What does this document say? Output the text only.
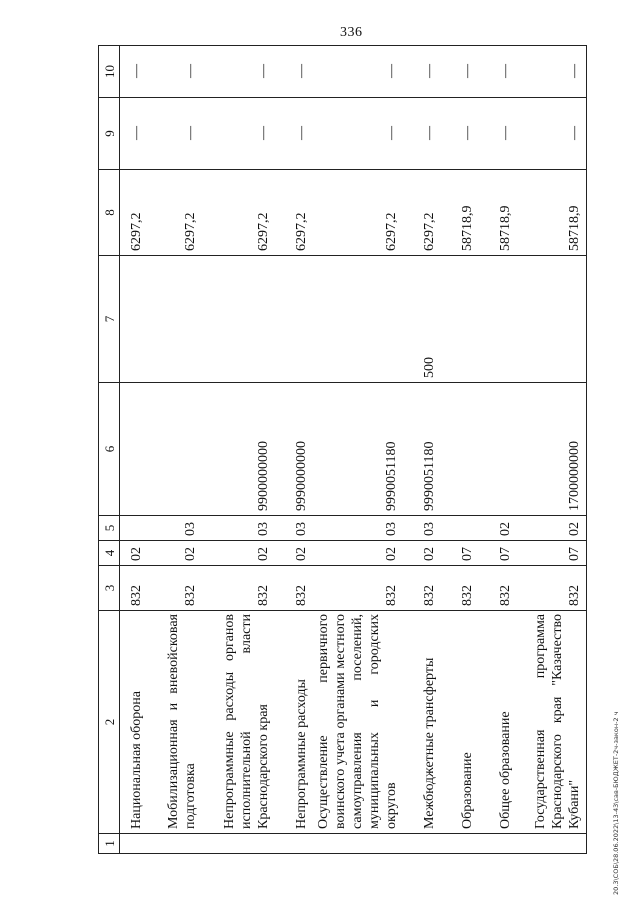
336
20.3\СОБ\28.06.2022\13-43\сав-БЮДЖЕТ-2ч-закон-2 ч
1	2	3	4	5	6	7	8	9	10
	Национальная оборона	832	02				6297,2	—	—
	Мобилизационная и вневойсковая подготовка	832	02	03			6297,2	—	—
	Непрограммные расходы органов исполнительной власти Краснодарского края	832	02	03	9900000000		6297,2	—	—
	Непрограммные расходы	832	02	03	9990000000		6297,2	—	—
	Осуществление первичного воинского учета органами местного самоуправления поселений, муниципальных и городских округов	832	02	03	9990051180		6297,2	—	—
	Межбюджетные трансферты	832	02	03	9990051180	500	6297,2	—	—
	Образование	832	07				58718,9	—	—
	Общее образование	832	07	02			58718,9	—	—
	Государственная программа Краснодарского края "Казачество Кубани"	832	07	02	1700000000		58718,9	—	—
